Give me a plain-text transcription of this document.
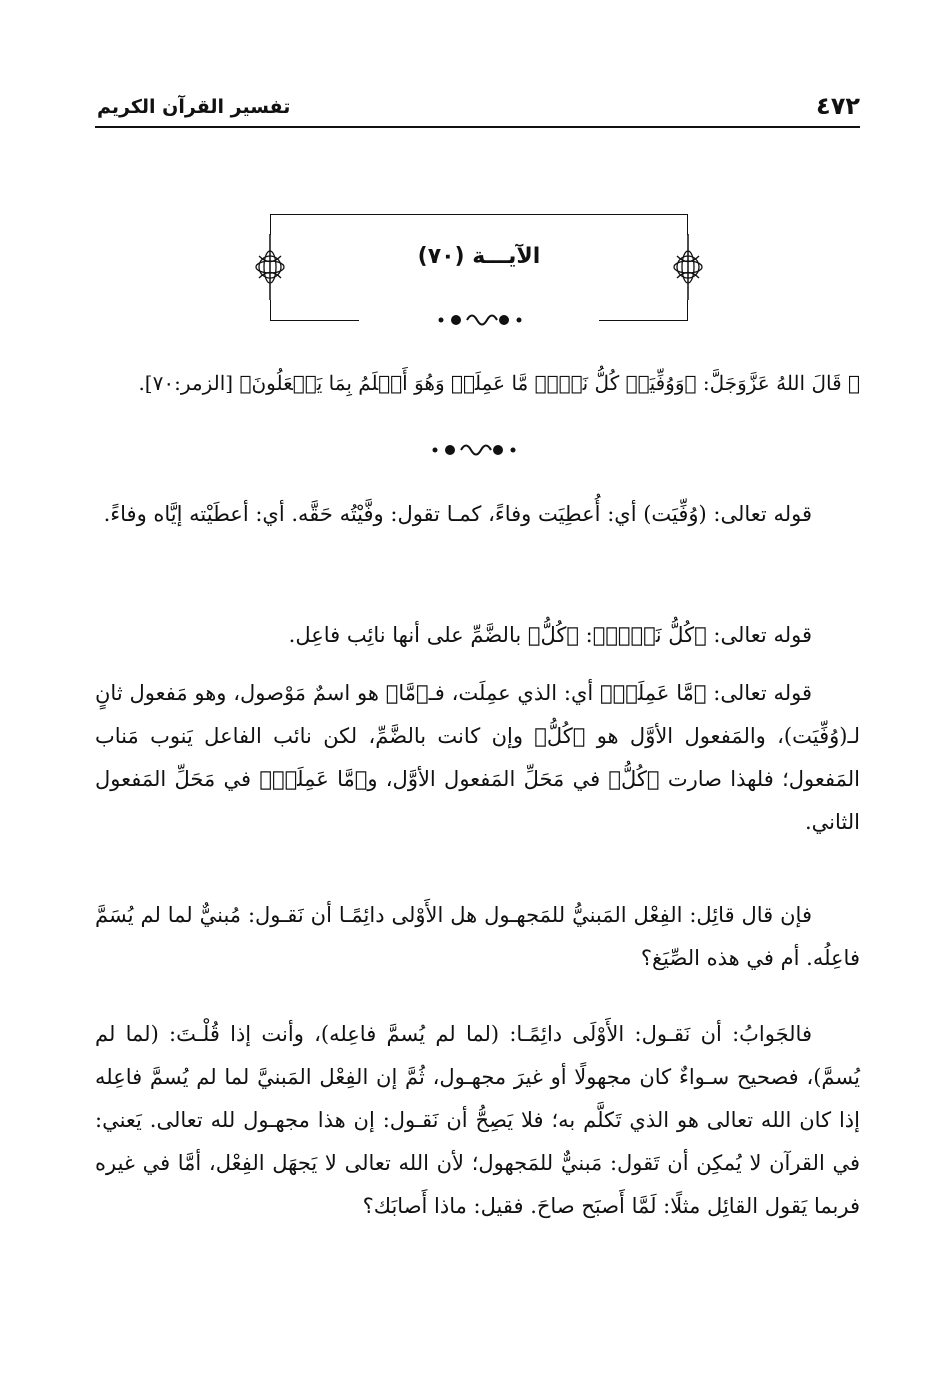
٤٧٢
تفسير القرآن الكريم
الآيـــة (٧٠)
۞ قَالَ اللهُ عَزَّوَجَلَّ: ﴿وَوُفِّيَتۡ كُلُّ نَفۡسٖ مَّا عَمِلَتۡ وَهُوَ أَعۡلَمُ بِمَا يَفۡعَلُونَ﴾ [الزمر:٧٠].

قوله تعالى: (وُفِّيَت) أي: أُعطِيَت وفاءً، كمـا تقول: وفَّيْتُه حَقَّه. أي: أعطَيْته إيَّاه وفاءً.

قوله تعالى: ﴿كُلُّ نَفۡسٖ﴾: ﴿كُلُّ﴾ بالضَّمِّ على أنها نائِب فاعِل.

قوله تعالى: ﴿مَّا عَمِلَتۡ﴾ أي: الذي عمِلَت، فـ﴿مَّا﴾ هو اسمٌ مَوْصول، وهو مَفعول ثانٍ لـ(وُفِّيَت)، والمَفعول الأوَّل هو ﴿كُلُّ﴾ وإن كانت بالضَّمِّ، لكن نائب الفاعل يَنوب مَناب المَفعول؛ فلهذا صارت ﴿كُلُّ﴾ في مَحَلِّ المَفعول الأوَّل، و﴿مَّا عَمِلَتۡ﴾ في مَحَلِّ المَفعول الثاني.

فإن قال قائِل: الفِعْل المَبنيُّ للمَجهـول هل الأَوْلى دائِمًـا أن نَقـول: مُبنيٌّ لما لم يُسَمَّ فاعِلُه. أم في هذه الصِّيَغ؟

فالجَوابُ: أن نَقـول: الأَوْلَى دائِمًـا: (لما لم يُسمَّ فاعِله)، وأنت إذا قُلْـتَ: (لما لم يُسمَّ)، فصحيح سـواءٌ كان مجهولًا أو غيرَ مجهـول، ثُمَّ إن الفِعْل المَبنيَّ لما لم يُسمَّ فاعِله إذا كان الله تعالى هو الذي تَكلَّم به؛ فلا يَصِحُّ أن نَقـول: إن هذا مجهـول لله تعالى. يَعني: في القرآن لا يُمكِن أن تَقول: مَبنيٌّ للمَجهول؛ لأن الله تعالى لا يَجهَل الفِعْل، أمَّا في غيره فربما يَقول القائِل مثلًا: لَمَّا أَصبَح صاحَ. فقيل: ماذا أَصابَك؟
